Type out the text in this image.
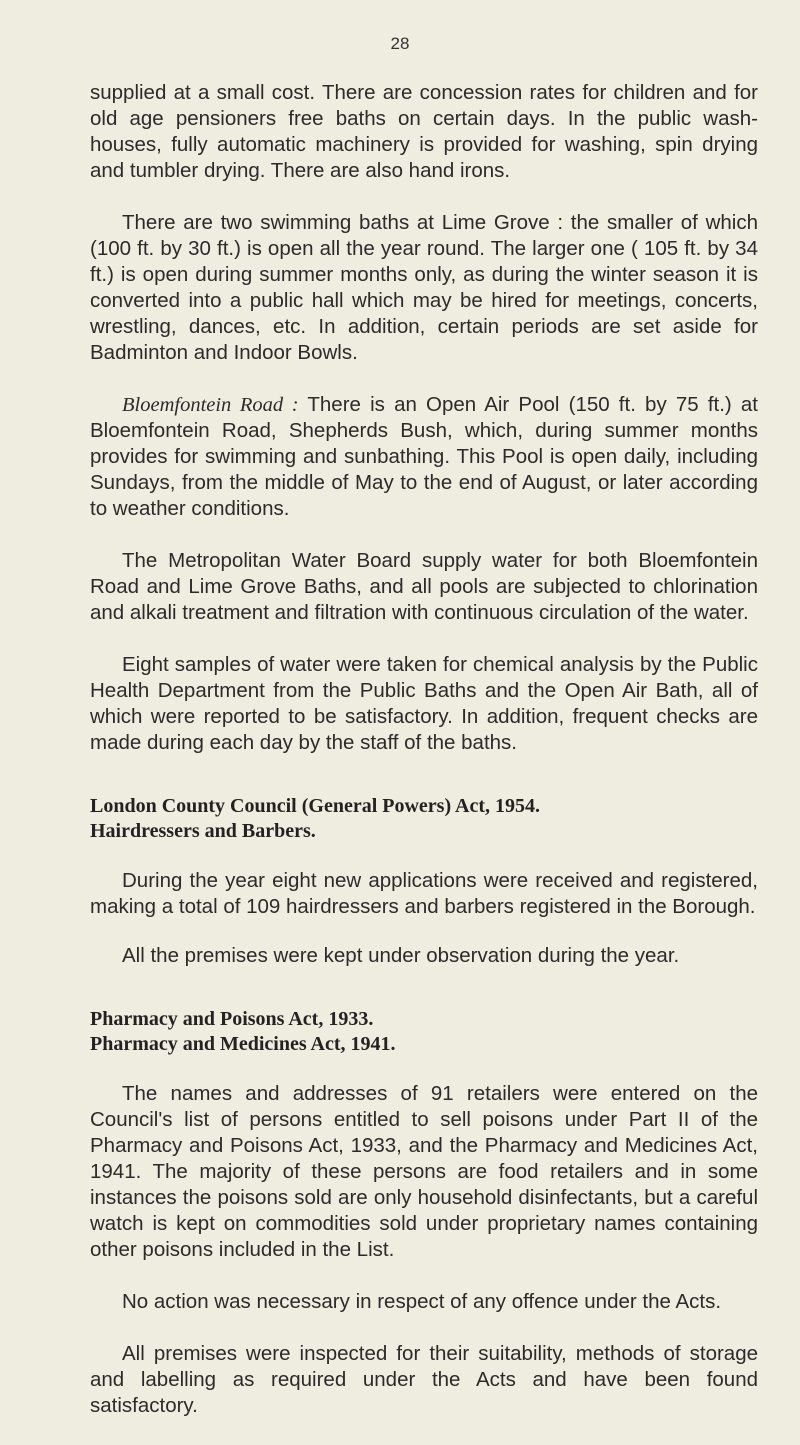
28

supplied at a small cost. There are concession rates for children and for old age pensioners free baths on certain days. In the public wash-houses, fully automatic machinery is provided for washing, spin drying and tumbler drying. There are also hand irons.

There are two swimming baths at Lime Grove : the smaller of which (100 ft. by 30 ft.) is open all the year round. The larger one ( 105 ft. by 34 ft.) is open during summer months only, as during the winter season it is converted into a public hall which may be hired for meetings, concerts, wrestling, dances, etc. In addition, certain periods are set aside for Badminton and Indoor Bowls.

Bloemfontein Road : There is an Open Air Pool (150 ft. by 75 ft.) at Bloemfontein Road, Shepherds Bush, which, during summer months provides for swimming and sunbathing. This Pool is open daily, including Sundays, from the middle of May to the end of August, or later according to weather conditions.

The Metropolitan Water Board supply water for both Bloemfontein Road and Lime Grove Baths, and all pools are subjected to chlorination and alkali treatment and filtration with continuous circulation of the water.

Eight samples of water were taken for chemical analysis by the Public Health Department from the Public Baths and the Open Air Bath, all of which were reported to be satisfactory. In addition, frequent checks are made during each day by the staff of the baths.

London County Council (General Powers) Act, 1954.
Hairdressers and Barbers.

During the year eight new applications were received and registered, making a total of 109 hairdressers and barbers registered in the Borough.

All the premises were kept under observation during the year.

Pharmacy and Poisons Act, 1933.
Pharmacy and Medicines Act, 1941.

The names and addresses of 91 retailers were entered on the Council's list of persons entitled to sell poisons under Part II of the Pharmacy and Poisons Act, 1933, and the Pharmacy and Medicines Act, 1941. The majority of these persons are food retailers and in some instances the poisons sold are only household disinfectants, but a careful watch is kept on commodities sold under proprietary names containing other poisons included in the List.

No action was necessary in respect of any offence under the Acts.

All premises were inspected for their suitability, methods of storage and labelling as required under the Acts and have been found satisfactory.
